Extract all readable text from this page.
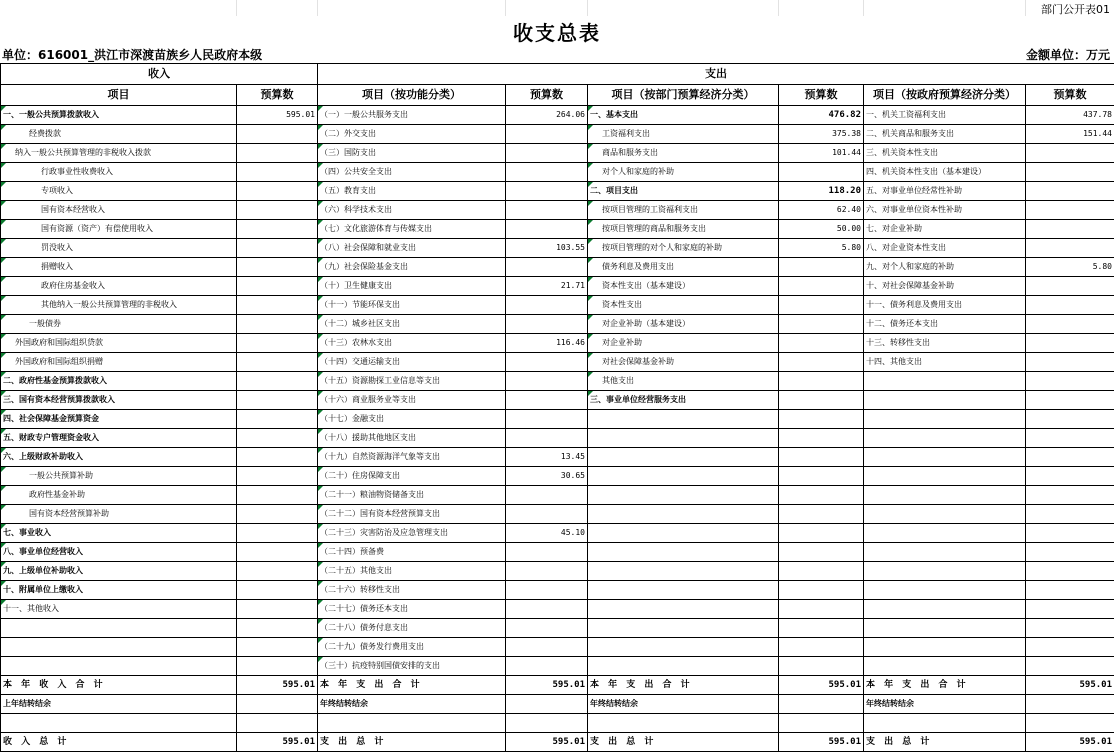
部门公开表01
收支总表
单位：616001_洪江市深渡苗族乡人民政府本级	金额单位：万元
收入		支出					
项目	预算数	项目（按功能分类）	预算数	项目（按部门预算经济分类）	预算数	项目（按政府预算经济分类）	预算数
一、一般公共预算拨款收入	595.01	（一）一般公共服务支出	264.06	一、基本支出	476.82	一、机关工资福利支出	437.78
经费拨款		（二）外交支出		工资福利支出	375.38	二、机关商品和服务支出	151.44
纳入一般公共预算管理的非税收入拨款		（三）国防支出		商品和服务支出	101.44	三、机关资本性支出	
行政事业性收费收入		（四）公共安全支出		对个人和家庭的补助		四、机关资本性支出（基本建设）	
专项收入		（五）教育支出		二、项目支出	118.20	五、对事业单位经常性补助	
国有资本经营收入		（六）科学技术支出		按项目管理的工资福利支出	62.40	六、对事业单位资本性补助	
国有资源（资产）有偿使用收入		（七）文化旅游体育与传媒支出		按项目管理的商品和服务支出	50.00	七、对企业补助	
罚没收入		（八）社会保障和就业支出	103.55	按项目管理的对个人和家庭的补助	5.80	八、对企业资本性支出	
捐赠收入		（九）社会保险基金支出		债务利息及费用支出		九、对个人和家庭的补助	5.80
政府住房基金收入		（十）卫生健康支出	21.71	资本性支出（基本建设）		十、对社会保障基金补助	
其他纳入一般公共预算管理的非税收入		（十一）节能环保支出		资本性支出		十一、债务利息及费用支出	
一般债券		（十二）城乡社区支出		对企业补助（基本建设）		十二、债务还本支出	
外国政府和国际组织贷款		（十三）农林水支出	116.46	对企业补助		十三、转移性支出	
外国政府和国际组织捐赠		（十四）交通运输支出		对社会保障基金补助		十四、其他支出	
二、政府性基金预算拨款收入		（十五）资源勘探工业信息等支出		其他支出			
三、国有资本经营预算拨款收入		（十六）商业服务业等支出		三、事业单位经营服务支出			
四、社会保障基金预算资金		（十七）金融支出					
五、财政专户管理资金收入		（十八）援助其他地区支出					
六、上级财政补助收入		（十九）自然资源海洋气象等支出	13.45				
一般公共预算补助		（二十）住房保障支出	30.65				
政府性基金补助		（二十一）粮油物资储备支出					
国有资本经营预算补助		（二十二）国有资本经营预算支出					
七、事业收入		（二十三）灾害防治及应急管理支出	45.10				
八、事业单位经营收入		（二十四）预备费					
九、上级单位补助收入		（二十五）其他支出					
十、附属单位上缴收入		（二十六）转移性支出					
十一、其他收入		（二十七）债务还本支出					
		（二十八）债务付息支出					
		（二十九）债务发行费用支出					
		（三十）抗疫特别国债安排的支出					
本 年 收 入 合 计	595.01	本 年 支 出 合 计	595.01	本 年 支 出 合 计	595.01	本 年 支 出 合 计	595.01
上年结转结余		年终结转结余		年终结转结余		年终结转结余	

收 入 总 计	595.01	支 出 总 计	595.01	支 出 总 计	595.01	支 出 总 计	595.01
